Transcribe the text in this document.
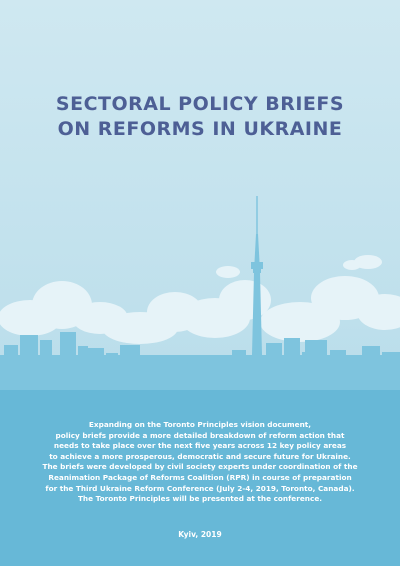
SECTORAL POLICY BRIEFS
ON REFORMS IN UKRAINE
Expanding on the Toronto Principles vision document,
policy briefs provide a more detailed breakdown of reform action that
needs to take place over the next five years across 12 key policy areas
to achieve a more prosperous, democratic and secure future for Ukraine.
The briefs were developed by civil society experts under coordination of the
Reanimation Package of Reforms Coalition (RPR) in course of preparation
for the Third Ukraine Reform Conference (July 2-4, 2019, Toronto, Canada).
The Toronto Principles will be presented at the conference.
Kyiv, 2019
